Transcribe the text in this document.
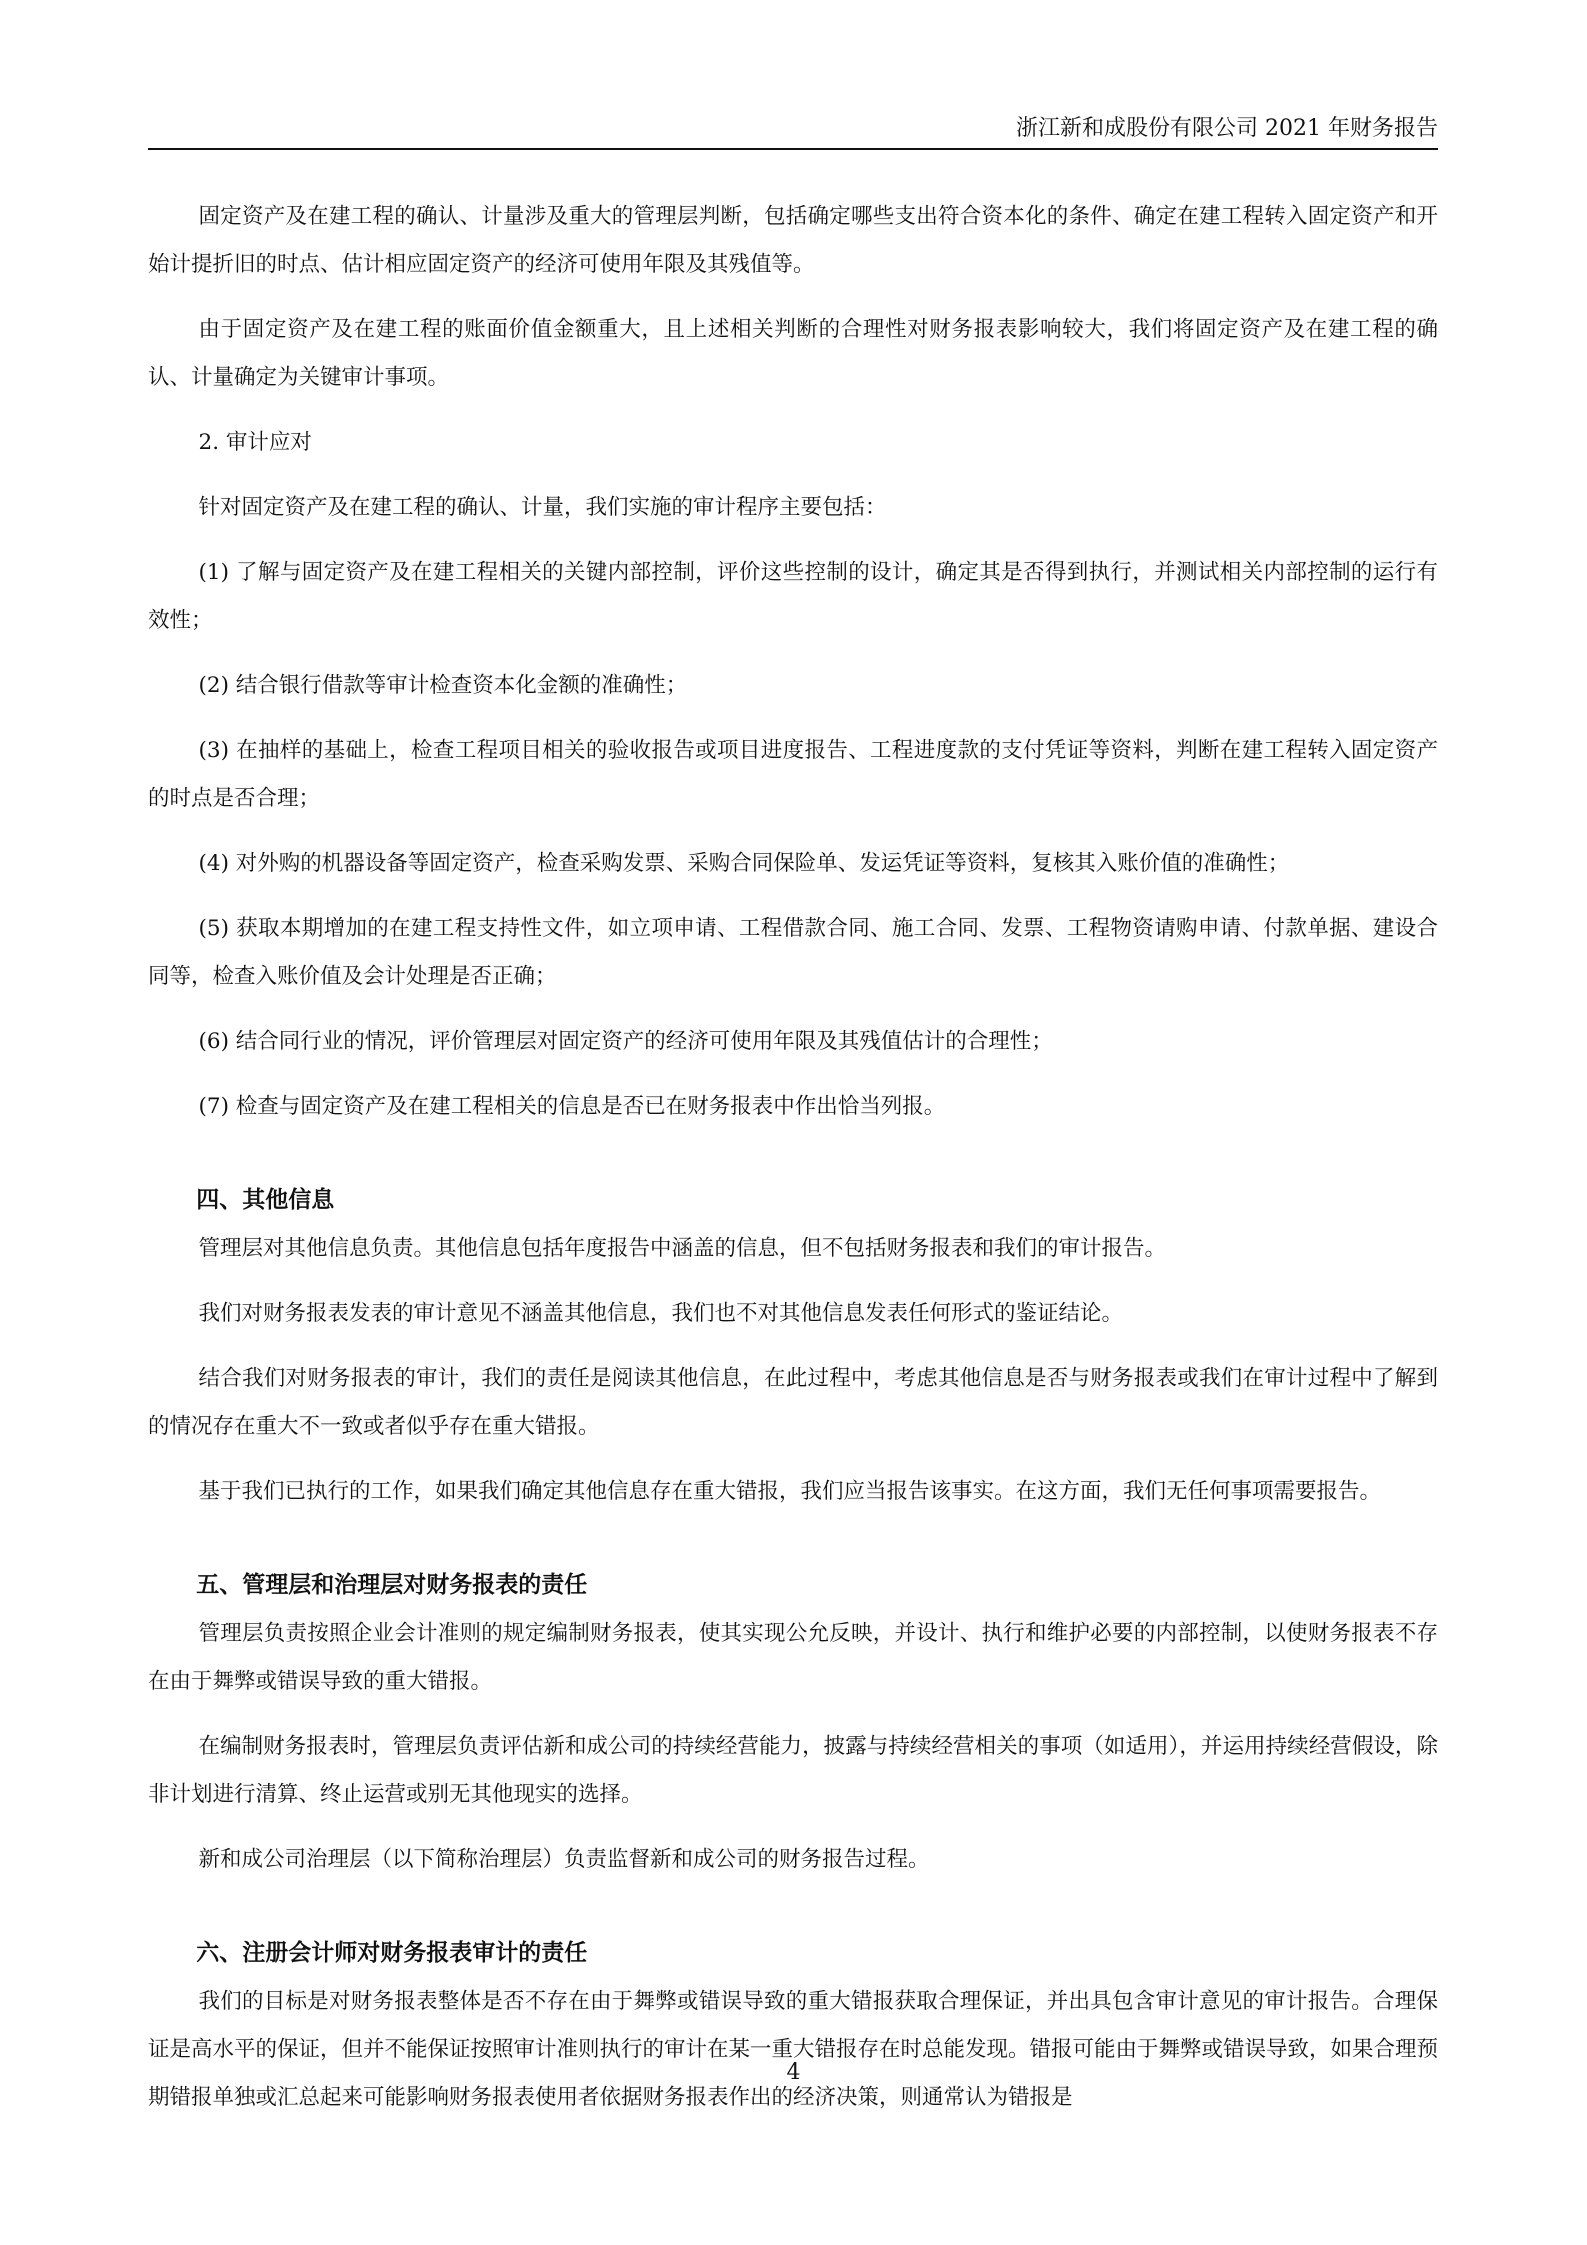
浙江新和成股份有限公司 2021 年财务报告

固定资产及在建工程的确认、计量涉及重大的管理层判断，包括确定哪些支出符合资本化的条件、确定在建工程转入固定资产和开始计提折旧的时点、估计相应固定资产的经济可使用年限及其残值等。

由于固定资产及在建工程的账面价值金额重大，且上述相关判断的合理性对财务报表影响较大，我们将固定资产及在建工程的确认、计量确定为关键审计事项。

2. 审计应对

针对固定资产及在建工程的确认、计量，我们实施的审计程序主要包括：

(1) 了解与固定资产及在建工程相关的关键内部控制，评价这些控制的设计，确定其是否得到执行，并测试相关内部控制的运行有效性；

(2) 结合银行借款等审计检查资本化金额的准确性；

(3) 在抽样的基础上，检查工程项目相关的验收报告或项目进度报告、工程进度款的支付凭证等资料，判断在建工程转入固定资产的时点是否合理；

(4) 对外购的机器设备等固定资产，检查采购发票、采购合同保险单、发运凭证等资料，复核其入账价值的准确性；

(5) 获取本期增加的在建工程支持性文件，如立项申请、工程借款合同、施工合同、发票、工程物资请购申请、付款单据、建设合同等，检查入账价值及会计处理是否正确；

(6) 结合同行业的情况，评价管理层对固定资产的经济可使用年限及其残值估计的合理性；

(7) 检查与固定资产及在建工程相关的信息是否已在财务报表中作出恰当列报。

四、其他信息

管理层对其他信息负责。其他信息包括年度报告中涵盖的信息，但不包括财务报表和我们的审计报告。

我们对财务报表发表的审计意见不涵盖其他信息，我们也不对其他信息发表任何形式的鉴证结论。

结合我们对财务报表的审计，我们的责任是阅读其他信息，在此过程中，考虑其他信息是否与财务报表或我们在审计过程中了解到的情况存在重大不一致或者似乎存在重大错报。

基于我们已执行的工作，如果我们确定其他信息存在重大错报，我们应当报告该事实。在这方面，我们无任何事项需要报告。

五、管理层和治理层对财务报表的责任

管理层负责按照企业会计准则的规定编制财务报表，使其实现公允反映，并设计、执行和维护必要的内部控制，以使财务报表不存在由于舞弊或错误导致的重大错报。

在编制财务报表时，管理层负责评估新和成公司的持续经营能力，披露与持续经营相关的事项（如适用），并运用持续经营假设，除非计划进行清算、终止运营或别无其他现实的选择。

新和成公司治理层（以下简称治理层）负责监督新和成公司的财务报告过程。

六、注册会计师对财务报表审计的责任

我们的目标是对财务报表整体是否不存在由于舞弊或错误导致的重大错报获取合理保证，并出具包含审计意见的审计报告。合理保证是高水平的保证，但并不能保证按照审计准则执行的审计在某一重大错报存在时总能发现。错报可能由于舞弊或错误导致，如果合理预期错报单独或汇总起来可能影响财务报表使用者依据财务报表作出的经济决策，则通常认为错报是

4
